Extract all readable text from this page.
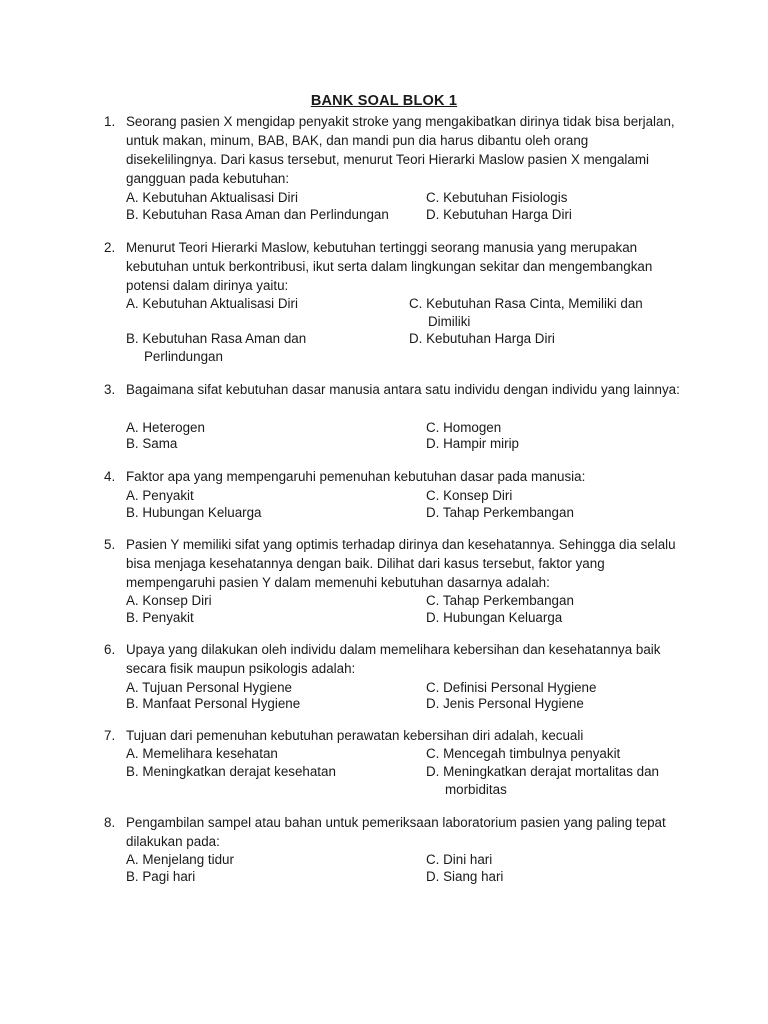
BANK SOAL BLOK 1
1. Seorang pasien X mengidap penyakit stroke yang mengakibatkan dirinya tidak bisa berjalan, untuk makan, minum, BAB, BAK, dan mandi pun dia harus dibantu oleh orang disekelilingnya. Dari kasus tersebut, menurut Teori Hierarki Maslow pasien X mengalami gangguan pada kebutuhan:
A. Kebutuhan Aktualisasi Diri
B. Kebutuhan Rasa Aman dan Perlindungan
C. Kebutuhan Fisiologis
D. Kebutuhan Harga Diri
2. Menurut Teori Hierarki Maslow, kebutuhan tertinggi seorang manusia yang merupakan kebutuhan untuk berkontribusi, ikut serta dalam lingkungan sekitar dan mengembangkan potensi dalam dirinya yaitu:
A. Kebutuhan Aktualisasi Diri
B. Kebutuhan Rasa Aman dan
Perlindungan
C. Kebutuhan Rasa Cinta, Memiliki dan
Dimiliki
D. Kebutuhan Harga Diri
3. Bagaimana sifat kebutuhan dasar manusia antara satu individu dengan individu yang lainnya:
A. Heterogen
B. Sama
C. Homogen
D. Hampir mirip
4. Faktor apa yang mempengaruhi pemenuhan kebutuhan dasar pada manusia:
A. Penyakit
B. Hubungan Keluarga
C. Konsep Diri
D. Tahap Perkembangan
5. Pasien Y memiliki sifat yang optimis terhadap dirinya dan kesehatannya. Sehingga dia selalu bisa menjaga kesehatannya dengan baik. Dilihat dari kasus tersebut, faktor yang mempengaruhi pasien Y dalam memenuhi kebutuhan dasarnya adalah:
A. Konsep Diri
B. Penyakit
C. Tahap Perkembangan
D. Hubungan Keluarga
6. Upaya yang dilakukan oleh individu dalam memelihara kebersihan dan kesehatannya baik secara fisik maupun psikologis adalah:
A. Tujuan Personal Hygiene
B. Manfaat Personal Hygiene
C. Definisi Personal Hygiene
D. Jenis Personal Hygiene
7. Tujuan dari pemenuhan kebutuhan perawatan kebersihan diri adalah, kecuali
A. Memelihara kesehatan
B. Meningkatkan derajat kesehatan
C. Mencegah timbulnya penyakit
D. Meningkatkan derajat mortalitas dan
morbiditas
8. Pengambilan sampel atau bahan untuk pemeriksaan laboratorium pasien yang paling tepat dilakukan pada:
A. Menjelang tidur
B. Pagi hari
C. Dini hari
D. Siang hari
